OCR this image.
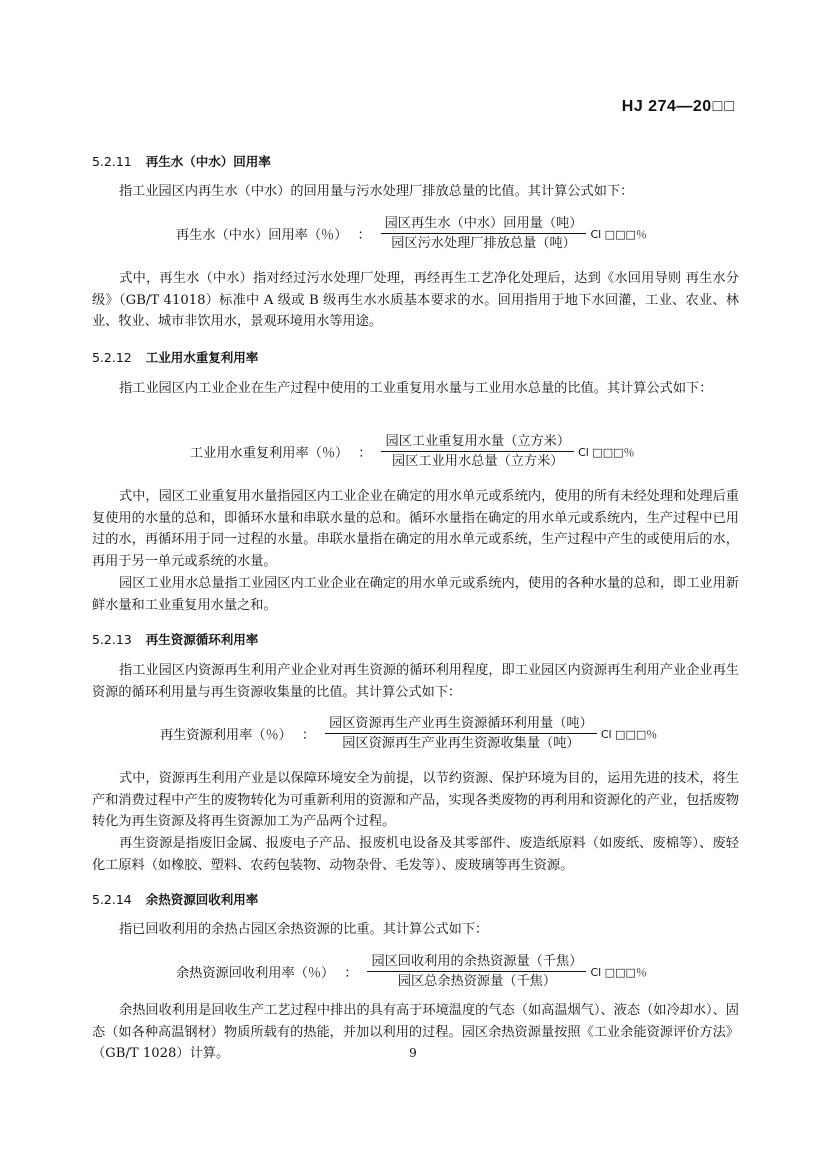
HJ 274—20□□
5.2.11 再生水（中水）回用率
指工业园区内再生水（中水）的回用量与污水处理厂排放总量的比值。其计算公式如下：
再生水（中水）回用率（％） ： $\frac{\text{园区再生水（中水）回用量（吨）}}{\text{园区污水处理厂排放总量（吨）}}$ Cl □□□％
式中，再生水（中水）指对经过污水处理厂处理，再经再生工艺净化处理后，达到《水回用导则 再生水分级》（GB/T 41018）标准中 A 级或 B 级再生水水质基本要求的水。回用指用于地下水回灌，工业、农业、林业、牧业、城市非饮用水，景观环境用水等用途。
5.2.12 工业用水重复利用率
指工业园区内工业企业在生产过程中使用的工业重复用水量与工业用水总量的比值。其计算公式如下：
工业用水重复利用率（％） ： $\frac{\text{园区工业重复用水量（立方米）}}{\text{园区工业用水总量（立方米）}}$ Cl □□□％
式中，园区工业重复用水量指园区内工业企业在确定的用水单元或系统内，使用的所有未经处理和处理后重复使用的水量的总和，即循环水量和串联水量的总和。循环水量指在确定的用水单元或系统内，生产过程中已用过的水，再循环用于同一过程的水量。串联水量指在确定的用水单元或系统，生产过程中产生的或使用后的水，再用于另一单元或系统的水量。
园区工业用水总量指工业园区内工业企业在确定的用水单元或系统内，使用的各种水量的总和，即工业用新鲜水量和工业重复用水量之和。
5.2.13 再生资源循环利用率
指工业园区内资源再生利用产业企业对再生资源的循环利用程度，即工业园区内资源再生利用产业企业再生资源的循环利用量与再生资源收集量的比值。其计算公式如下：
再生资源利用率（％） ： $\frac{\text{园区资源再生产业再生资源循环利用量（吨）}}{\text{园区资源再生产业再生资源收集量（吨）}}$ Cl □□□％
式中，资源再生利用产业是以保障环境安全为前提，以节约资源、保护环境为目的，运用先进的技术，将生产和消费过程中产生的废物转化为可重新利用的资源和产品，实现各类废物的再利用和资源化的产业，包括废物转化为再生资源及将再生资源加工为产品两个过程。
再生资源是指废旧金属、报废电子产品、报废机电设备及其零部件、废造纸原料（如废纸、废棉等）、废轻化工原料（如橡胶、塑料、农药包装物、动物杂骨、毛发等）、废玻璃等再生资源。
5.2.14 余热资源回收利用率
指已回收利用的余热占园区余热资源的比重。其计算公式如下：
余热资源回收利用率（％） ： $\frac{\text{园区回收利用的余热资源量（千焦）}}{\text{园区总余热资源量（千焦）}}$ Cl □□□％
余热回收利用是回收生产工艺过程中排出的具有高于环境温度的气态（如高温烟气）、液态（如冷却水）、固态（如各种高温钢材）物质所载有的热能，并加以利用的过程。园区余热资源量按照《工业余能资源评价方法》（GB/T 1028）计算。	9
